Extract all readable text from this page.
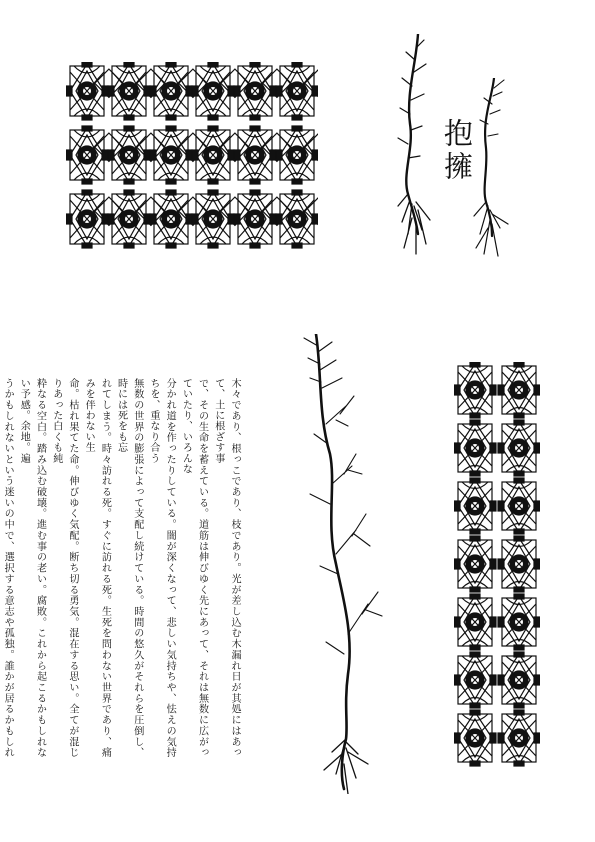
抱擁

木々であり、根っこであり、枝であり。光が差し込む木漏れ日が其処にはあって、土に根ざす事

で、その生命を蓄えている。道筋は伸びゆく先にあって、それは無数に広がっていたり、いろんな

分かれ道を作ったりしている。闇が深くなって、悲しい気持ちや、怯えの気持ちを、重なり合う

無数の世界の膨張によって支配し続けている。時間の悠久がそれらを圧倒し、時には死をも忘

れてしまう。時々訪れる死。すぐに訪れる死。生死を問わない世界であり、痛みを伴わない生

命。枯れ果てた命。伸びゆく気配。断ち切る勇気。混在する思い。全てが混じりあった白くも純

粋なる空白。踏み込む破壊。進む事の老い。腐敗。これから起こるかもしれない予感。余地。遍

うかもしれないという迷いの中で、選択する意志や孤独。誰かが居るかもしれ
